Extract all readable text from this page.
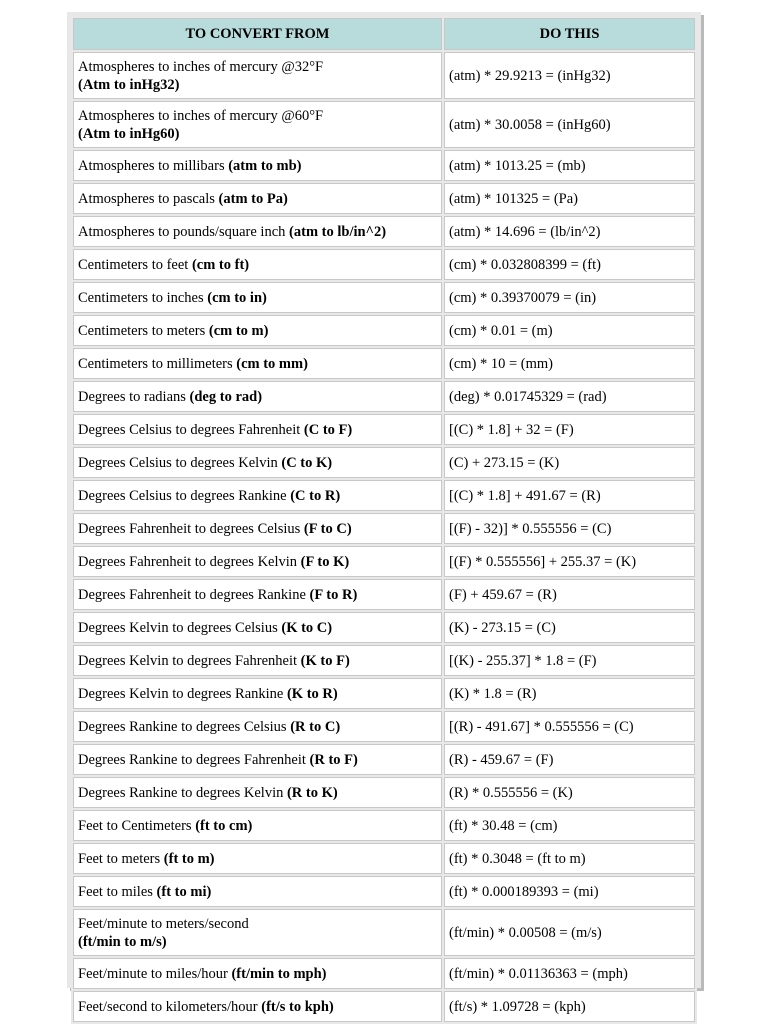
TO CONVERT FROM	DO THIS
Atmospheres to inches of mercury @32°F
(Atm to inHg32)	(atm) * 29.9213 = (inHg32)
Atmospheres to inches of mercury @60°F
(Atm to inHg60)	(atm) * 30.0058 = (inHg60)
Atmospheres to millibars (atm to mb)	(atm) * 1013.25 = (mb)
Atmospheres to pascals (atm to Pa)	(atm) * 101325 = (Pa)
Atmospheres to pounds/square inch (atm to lb/in^2)	(atm) * 14.696 = (lb/in^2)
Centimeters to feet (cm to ft)	(cm) * 0.032808399 = (ft)
Centimeters to inches (cm to in)	(cm) * 0.39370079 = (in)
Centimeters to meters (cm to m)	(cm) * 0.01 = (m)
Centimeters to millimeters (cm to mm)	(cm) * 10 = (mm)
Degrees to radians (deg to rad)	(deg) * 0.01745329 = (rad)
Degrees Celsius to degrees Fahrenheit (C to F)	[(C) * 1.8] + 32 = (F)
Degrees Celsius to degrees Kelvin (C to K)	(C) + 273.15 = (K)
Degrees Celsius to degrees Rankine (C to R)	[(C) * 1.8] + 491.67 = (R)
Degrees Fahrenheit to degrees Celsius (F to C)	[(F) - 32)] * 0.555556 = (C)
Degrees Fahrenheit to degrees Kelvin (F to K)	[(F) * 0.555556] + 255.37 = (K)
Degrees Fahrenheit to degrees Rankine (F to R)	(F) + 459.67 = (R)
Degrees Kelvin to degrees Celsius (K to C)	(K) - 273.15 = (C)
Degrees Kelvin to degrees Fahrenheit (K to F)	[(K) - 255.37] * 1.8 = (F)
Degrees Kelvin to degrees Rankine (K to R)	(K) * 1.8 = (R)
Degrees Rankine to degrees Celsius (R to C)	[(R) - 491.67] * 0.555556 = (C)
Degrees Rankine to degrees Fahrenheit (R to F)	(R) - 459.67 = (F)
Degrees Rankine to degrees Kelvin (R to K)	(R) * 0.555556 = (K)
Feet to Centimeters (ft to cm)	(ft) * 30.48 = (cm)
Feet to meters (ft to m)	(ft) * 0.3048 = (ft to m)
Feet to miles (ft to mi)	(ft) * 0.000189393 = (mi)
Feet/minute to meters/second
(ft/min to m/s)	(ft/min) * 0.00508 = (m/s)
Feet/minute to miles/hour (ft/min to mph)	(ft/min) * 0.01136363 = (mph)
Feet/second to kilometers/hour (ft/s to kph)	(ft/s) * 1.09728 = (kph)
